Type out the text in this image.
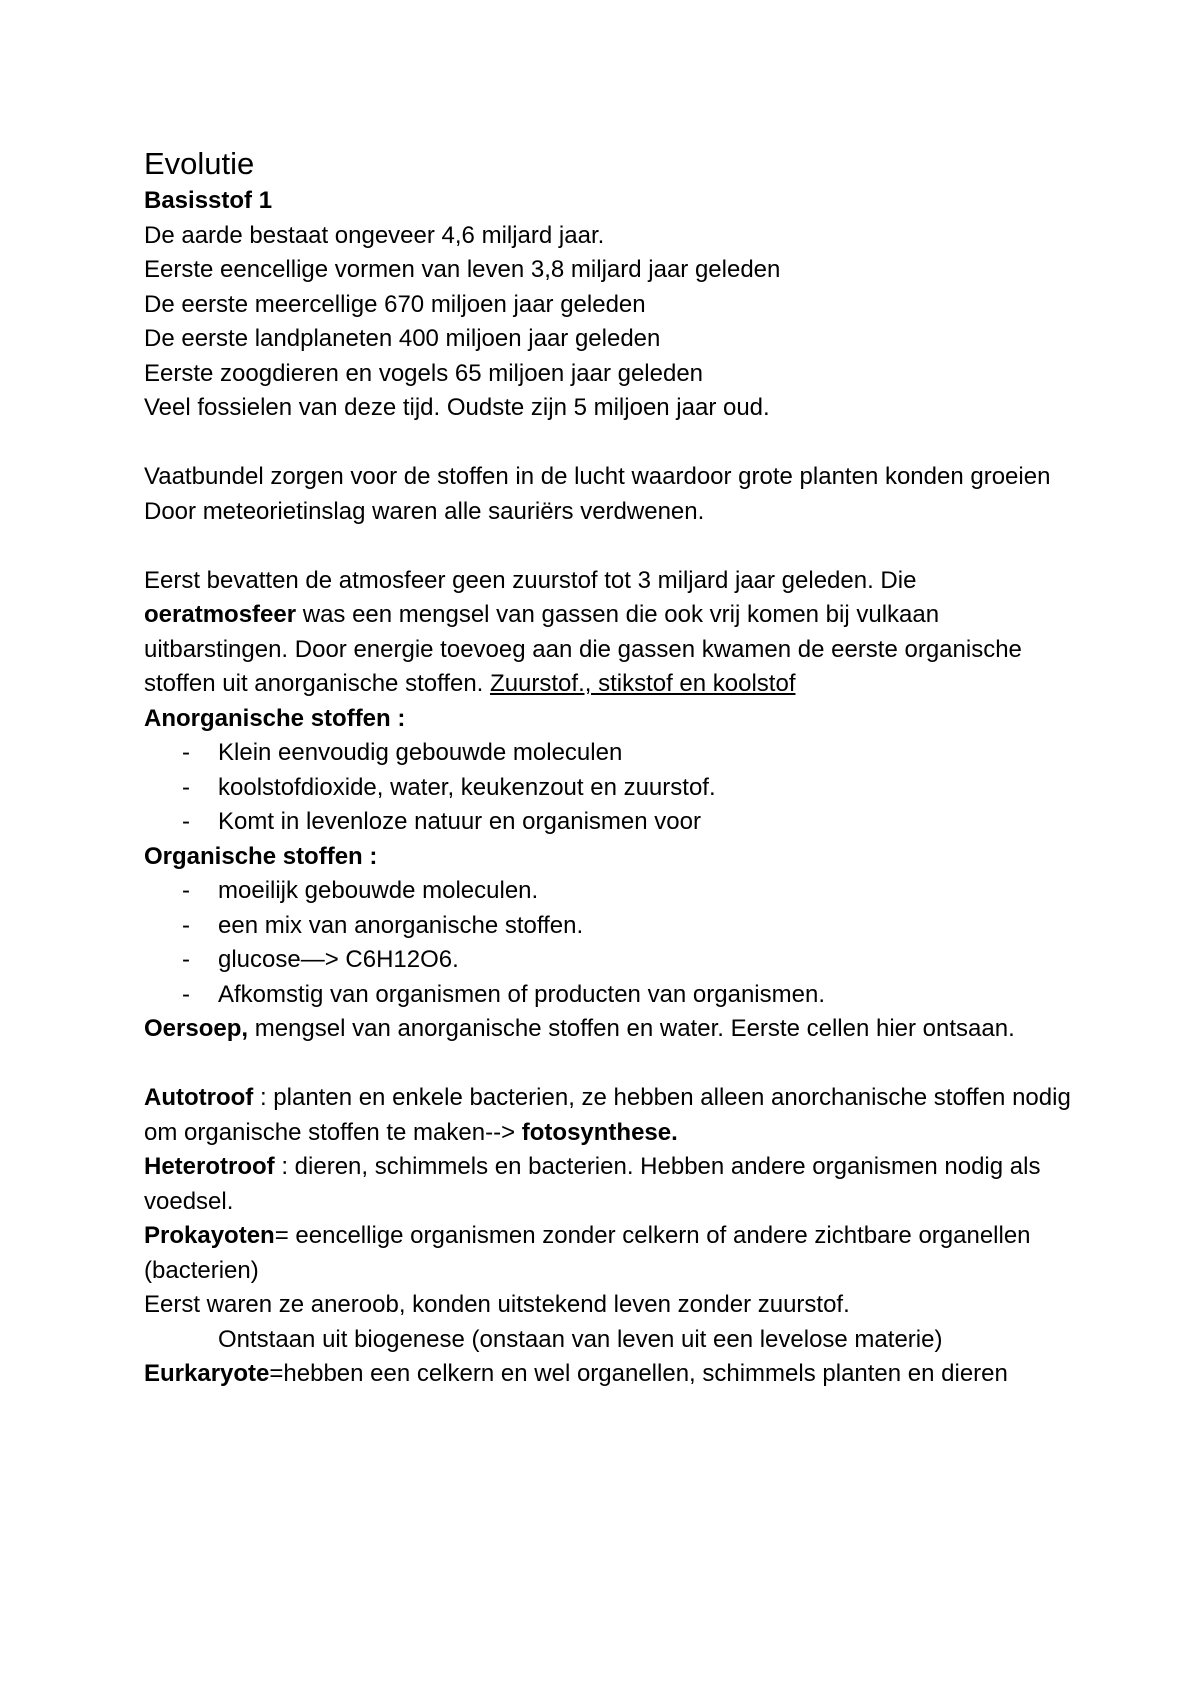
Evolutie

Basisstof 1

De aarde bestaat ongeveer 4,6 miljard jaar.

Eerste eencellige vormen van leven 3,8 miljard jaar geleden

De eerste meercellige 670 miljoen jaar geleden

De eerste landplaneten 400 miljoen jaar geleden

Eerste zoogdieren en vogels 65 miljoen jaar geleden

Veel fossielen van deze tijd. Oudste zijn 5 miljoen jaar oud.

Vaatbundel zorgen voor de stoffen in de lucht waardoor grote planten konden groeien

Door meteorietinslag waren alle sauriërs verdwenen.

Eerst bevatten de atmosfeer geen zuurstof tot 3 miljard jaar geleden. Die
oeratmosfeer was een mengsel van gassen die ook vrij komen bij vulkaan uitbarstingen. Door energie toevoeg aan die gassen kwamen de eerste organische stoffen uit anorganische stoffen. Zuurstof., stikstof en koolstof

Anorganische stoffen :

- Klein eenvoudig gebouwde moleculen
- koolstofdioxide, water, keukenzout en zuurstof.
- Komt in levenloze natuur en organismen voor

Organische stoffen :

- moeilijk gebouwde moleculen.
- een mix van anorganische stoffen.
- glucose—> C6H12O6.
- Afkomstig van organismen of producten van organismen.

Oersoep, mengsel van anorganische stoffen en water. Eerste cellen hier ontsaan.

Autotroof : planten en enkele bacterien, ze hebben alleen anorchanische stoffen nodig om organische stoffen te maken--> fotosynthese.

Heterotroof : dieren, schimmels en bacterien. Hebben andere organismen nodig als voedsel.

Prokayoten= eencellige organismen zonder celkern of andere zichtbare organellen (bacterien)

Eerst waren ze aneroob, konden uitstekend leven zonder zuurstof.

Ontstaan uit biogenese (onstaan van leven uit een levelose materie)

Eurkaryote=hebben een celkern en wel organellen, schimmels planten en dieren
